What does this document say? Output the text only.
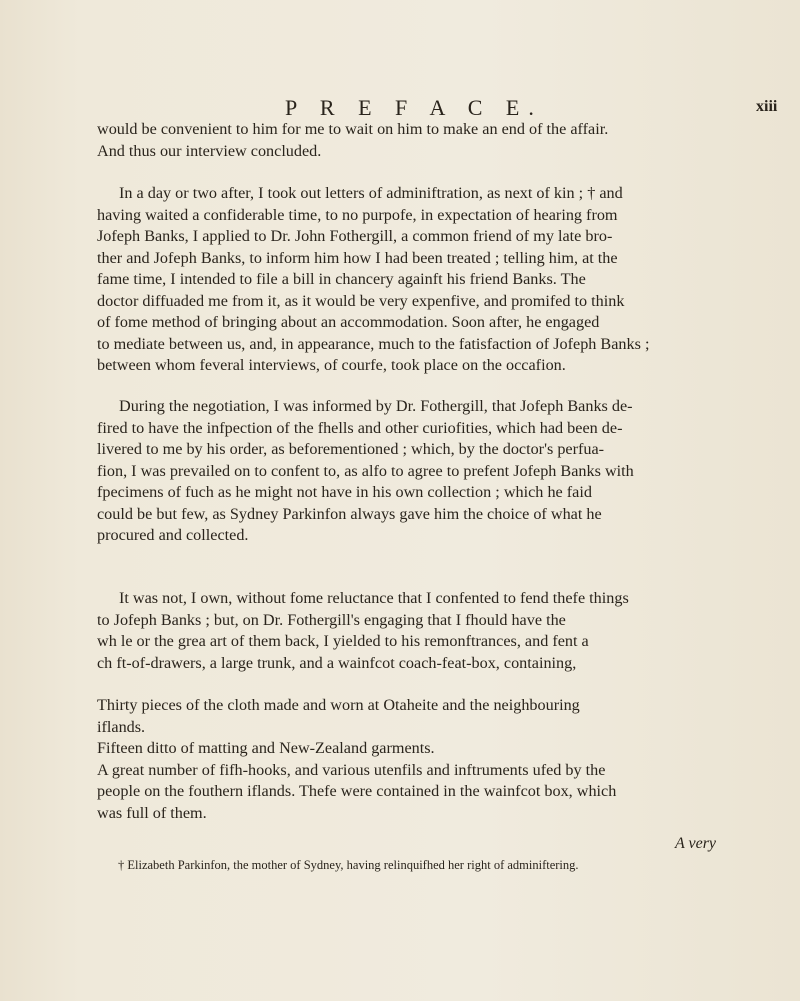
P R E F A C E.	xiii
would be convenient to him for me to wait on him to make an end of the affair.
And thus our interview concluded.
In a day or two after, I took out letters of adminiftration, as next of kin ; † and
having waited a confiderable time, to no purpofe, in expectation of hearing from
Jofeph Banks, I applied to Dr. John Fothergill, a common friend of my late bro-
ther and Jofeph Banks, to inform him how I had been treated ; telling him, at the
fame time, I intended to file a bill in chancery againft his friend Banks. The
doctor diffuaded me from it, as it would be very expenfive, and promifed to think
of fome method of bringing about an accommodation. Soon after, he engaged
to mediate between us, and, in appearance, much to the fatisfaction of Jofeph Banks ;
between whom feveral interviews, of courfe, took place on the occafion.
During the negotiation, I was informed by Dr. Fothergill, that Jofeph Banks de-
fired to have the infpection of the fhells and other curiofities, which had been de-
livered to me by his order, as beforementioned ; which, by the doctor's perfua-
fion, I was prevailed on to confent to, as alfo to agree to prefent Jofeph Banks with
fpecimens of fuch as he might not have in his own collection ; which he faid
could be but few, as Sydney Parkinfon always gave him the choice of what he
procured and collected.
It was not, I own, without fome reluctance that I confented to fend thefe things
to Jofeph Banks ; but, on Dr. Fothergill's engaging that I fhould have the
wh le or the grea art of them back, I yielded to his remonftrances, and fent a
ch ft-of-drawers, a large trunk, and a wainfcot coach-feat-box, containing,
Thirty pieces of the cloth made and worn at Otaheite and the neighbouring
iflands.
Fifteen ditto of matting and New-Zealand garments.
A great number of fifh-hooks, and various utenfils and inftruments ufed by the
people on the fouthern iflands. Thefe were contained in the wainfcot box, which
was full of them.
A very
† Elizabeth Parkinfon, the mother of Sydney, having relinquifhed her right of adminiftering.
